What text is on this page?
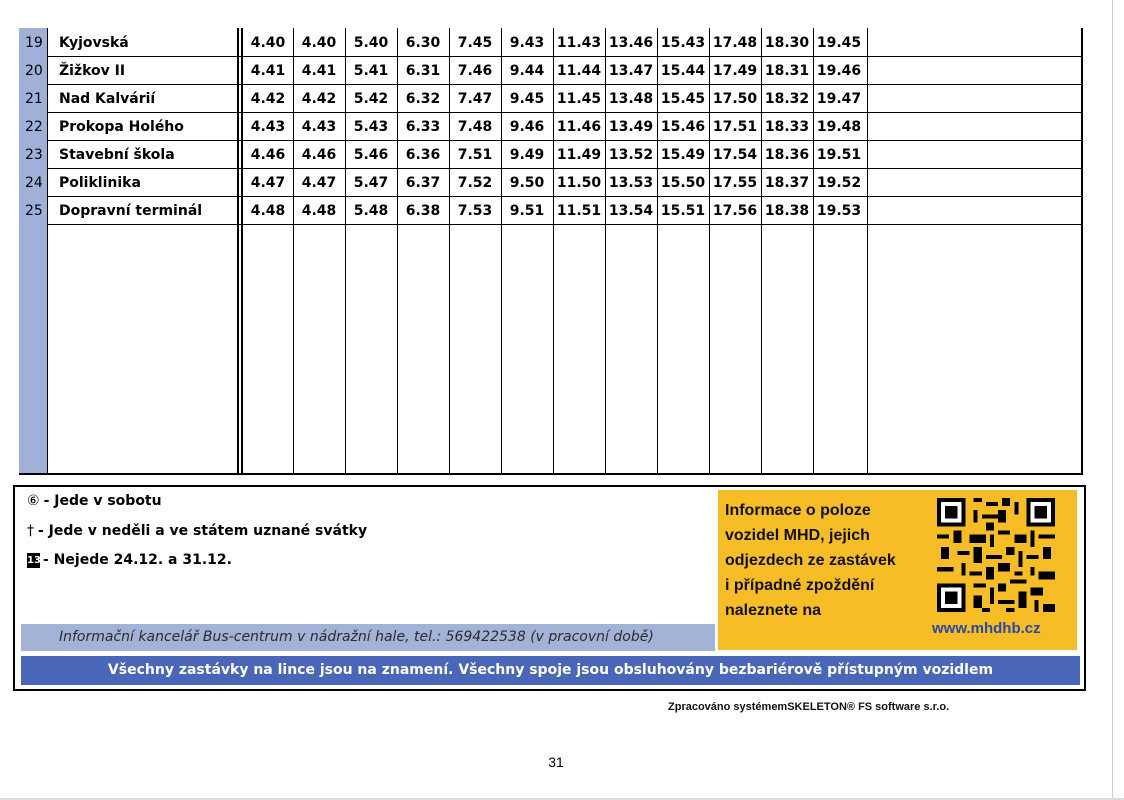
19 Kyjovská	4.40	4.40	5.40	6.30	7.45	9.43 11.43 13.46 15.43 17.48 18.30 19.45
20 Žižkov II	4.41	4.41	5.41	6.31	7.46	9.44 11.44 13.47 15.44 17.49 18.31 19.46
21 Nad Kalvárií	4.42	4.42	5.42	6.32	7.47	9.45 11.45 13.48 15.45 17.50 18.32 19.47
22 Prokopa Holého	4.43	4.43	5.43	6.33	7.48	9.46 11.46 13.49 15.46 17.51 18.33 19.48
23 Stavební škola	4.46	4.46	5.46	6.36	7.51	9.49 11.49 13.52 15.49 17.54 18.36 19.51
24 Poliklinika	4.47	4.47	5.47	6.37	7.52	9.50 11.50 13.53 15.50 17.55 18.37 19.52
25 Dopravní terminál	4.48	4.48	5.48	6.38	7.53	9.51 11.51 13.54 15.51 17.56 18.38 19.53
⑥ - Jede v sobotu
† - Jede v neděli a ve státem uznané svátky
13 - Nejede 24.12. a 31.12.
Informační kancelář Bus-centrum v nádražní hale, tel.: 569422538 (v pracovní době)
Informace o poloze
vozidel MHD, jejich
odjezdech ze zastávek
i případné zpoždění
naleznete na
www.mhdhb.cz
Všechny zastávky na lince jsou na znamení. Všechny spoje jsou obsluhovány bezbariérově přístupným vozidlem
Zpracováno systémemSKELETON® FS software s.r.o.
31
